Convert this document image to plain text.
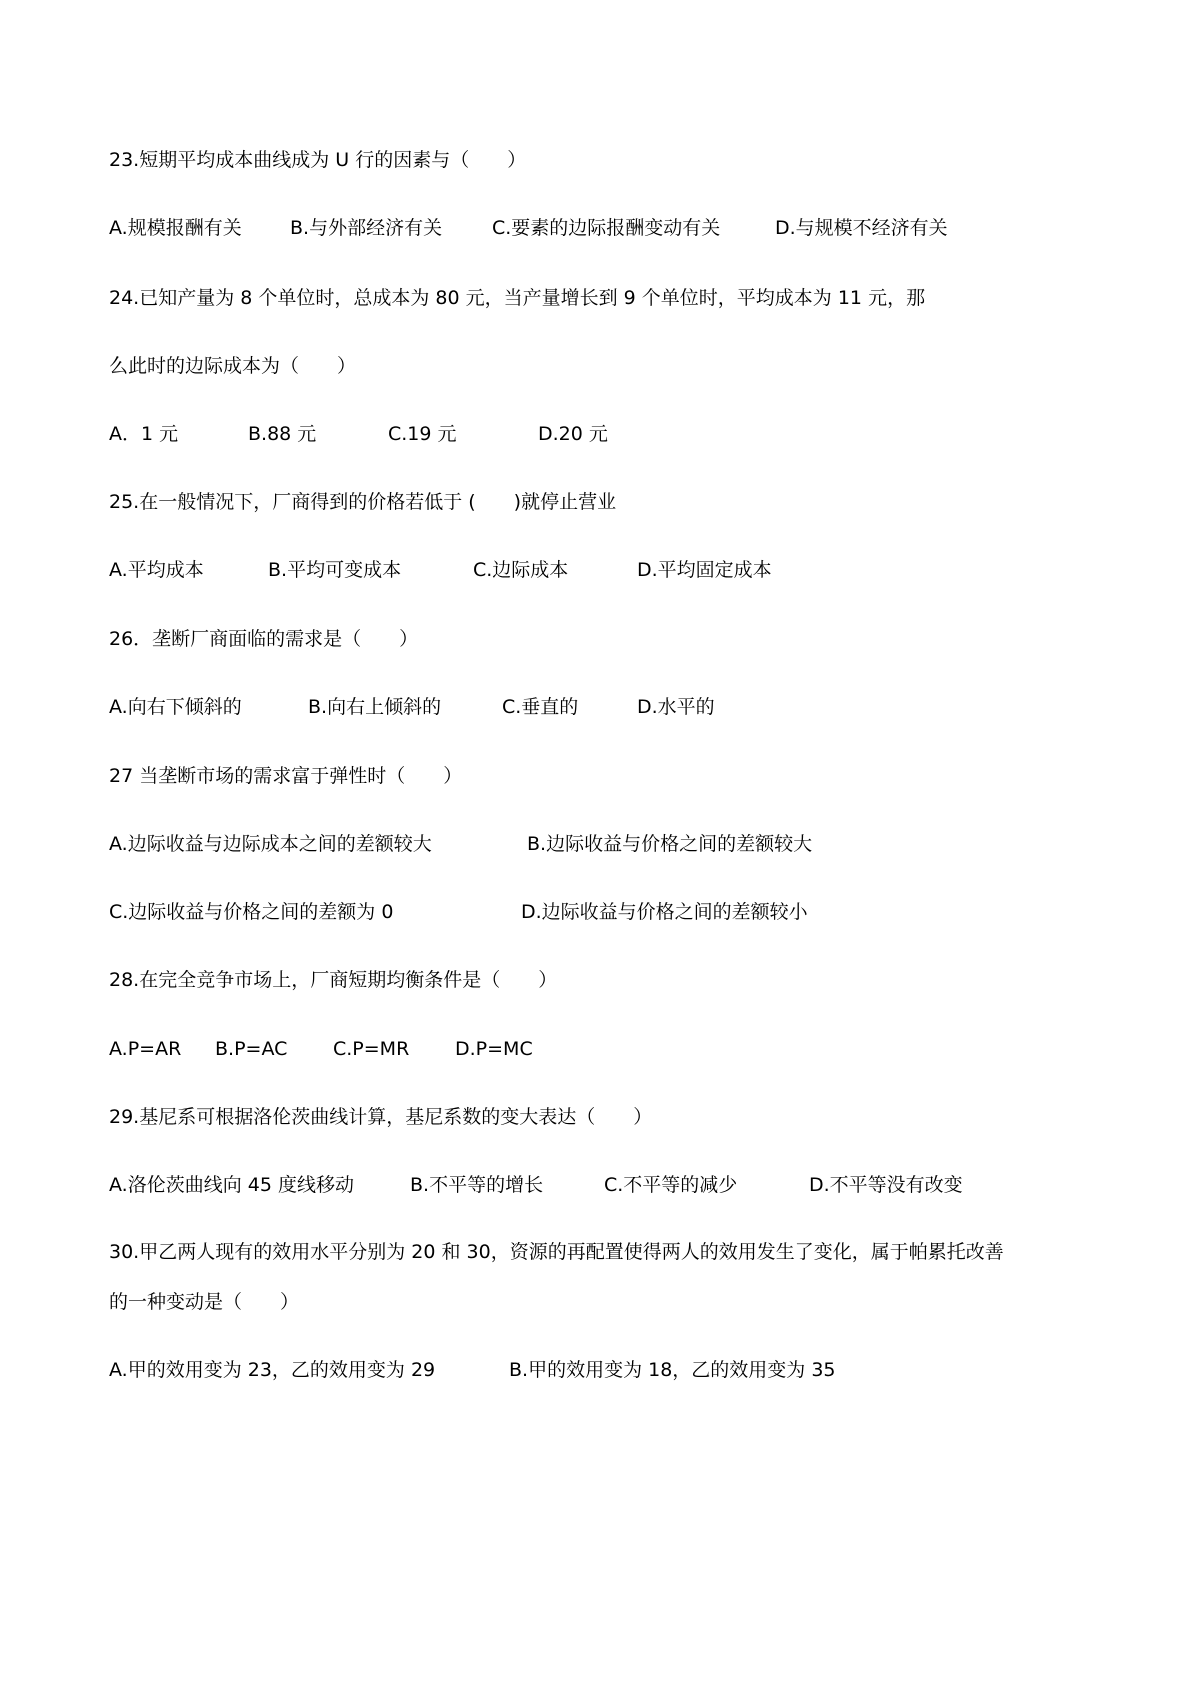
23.短期平均成本曲线成为 U 行的因素与（　　）
A.规模报酬有关	B.与外部经济有关	C.要素的边际报酬变动有关	D.与规模不经济有关
24.已知产量为 8 个单位时，总成本为 80 元，当产量增长到 9 个单位时，平均成本为 11 元，那
么此时的边际成本为（　　）
A．1 元	B.88 元	C.19 元	D.20 元
25.在一般情况下，厂商得到的价格若低于 (　　)就停止营业
A.平均成本	B.平均可变成本	C.边际成本	D.平均固定成本
26．垄断厂商面临的需求是（　　）
A.向右下倾斜的	B.向右上倾斜的	C.垂直的	D.水平的
27 当垄断市场的需求富于弹性时（　　）
A.边际收益与边际成本之间的差额较大	B.边际收益与价格之间的差额较大
C.边际收益与价格之间的差额为 0	D.边际收益与价格之间的差额较小
28.在完全竞争市场上，厂商短期均衡条件是（　　）
A.P=AR B.P=AC C.P=MR D.P=MC
29.基尼系可根据洛伦茨曲线计算，基尼系数的变大表达（　　）
A.洛伦茨曲线向 45 度线移动	B.不平等的增长	C.不平等的减少	D.不平等没有改变
30.甲乙两人现有的效用水平分别为 20 和 30，资源的再配置使得两人的效用发生了变化，属于帕累托改善
的一种变动是（　　）
A.甲的效用变为 23，乙的效用变为 29	B.甲的效用变为 18，乙的效用变为 35
